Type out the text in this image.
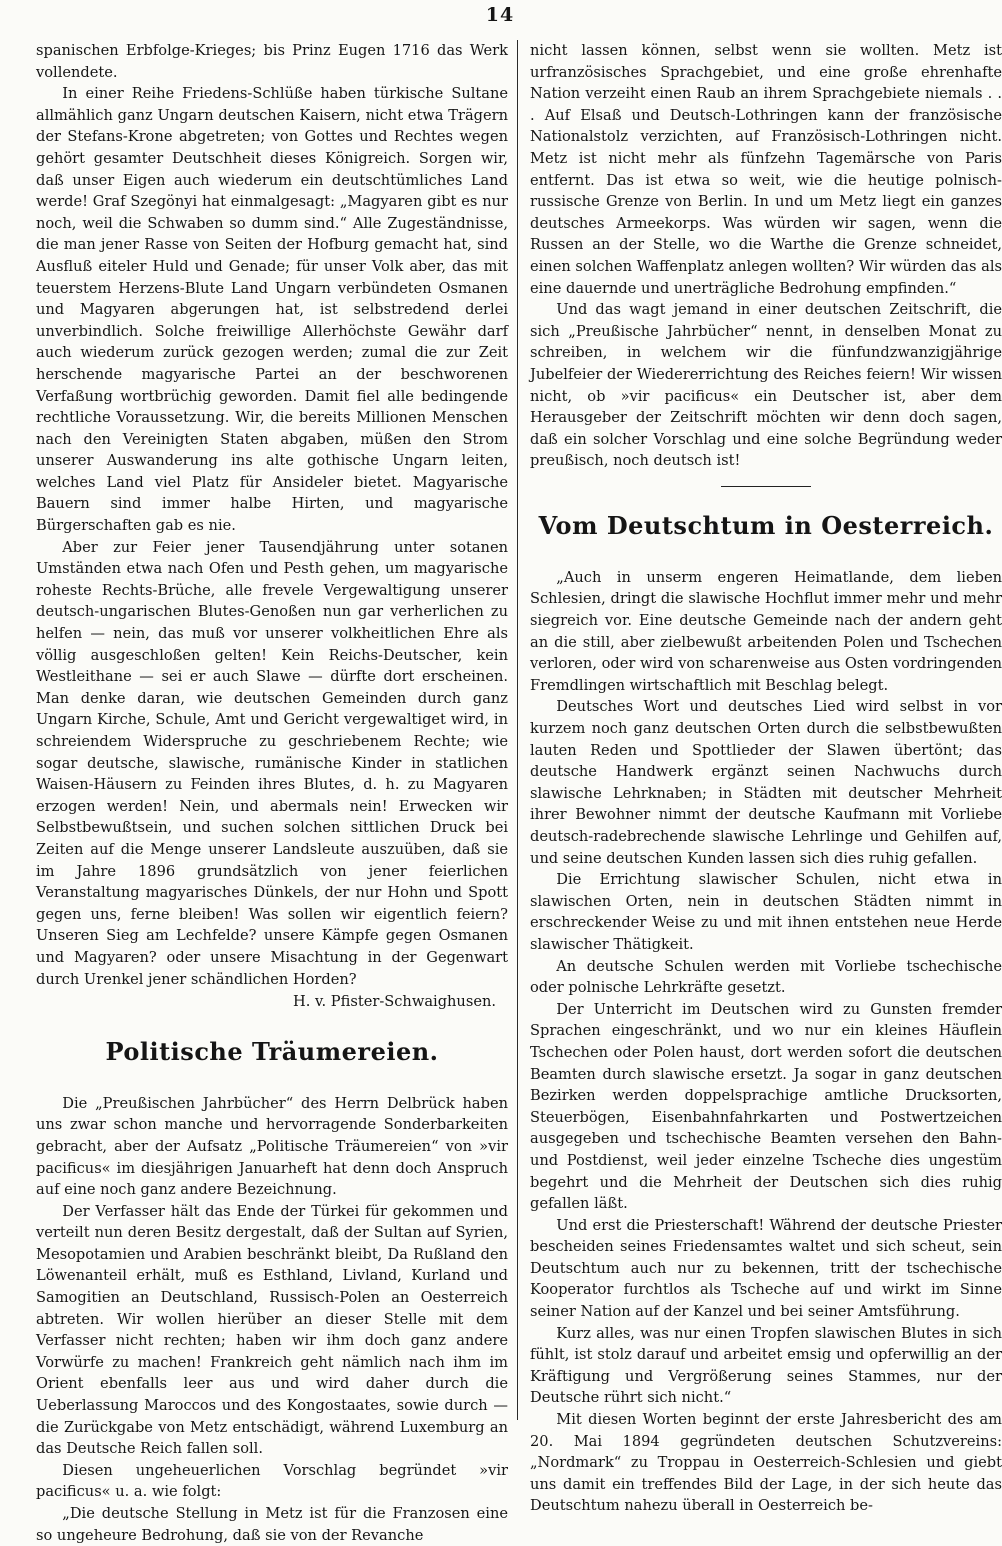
14

spanischen Erbfolge-Krieges; bis Prinz Eugen 1716 das Werk vollendete.

In einer Reihe Friedens-Schlüße haben türkische Sultane allmählich ganz Ungarn deutschen Kaisern, nicht etwa Trägern der Stefans-Krone abgetreten; von Gottes und Rechtes wegen gehört gesamter Deutschheit dieses Königreich. Sorgen wir, daß unser Eigen auch wiederum ein deutschtümliches Land werde! Graf Szegönyi hat einmalgesagt: „Magyaren gibt es nur noch, weil die Schwaben so dumm sind.“ Alle Zugeständnisse, die man jener Rasse von Seiten der Hofburg gemacht hat, sind Ausfluß eiteler Huld und Genade; für unser Volk aber, das mit teuerstem Herzens-Blute Land Ungarn verbündeten Osmanen und Magyaren abgerungen hat, ist selbstredend derlei unverbindlich. Solche freiwillige Allerhöchste Gewähr darf auch wiederum zurück gezogen werden; zumal die zur Zeit herschende magyarische Partei an der beschworenen Verfaßung wortbrüchig geworden. Damit fiel alle bedingende rechtliche Voraussetzung. Wir, die bereits Millionen Menschen nach den Vereinigten Staten abgaben, müßen den Strom unserer Auswanderung ins alte gothische Ungarn leiten, welches Land viel Platz für Ansideler bietet. Magyarische Bauern sind immer halbe Hirten, und magyarische Bürgerschaften gab es nie.

Aber zur Feier jener Tausendjährung unter sotanen Umständen etwa nach Ofen und Pesth gehen, um magyarische roheste Rechts-Brüche, alle frevele Vergewaltigung unserer deutsch-ungarischen Blutes-Genoßen nun gar verherlichen zu helfen — nein, das muß vor unserer volkheitlichen Ehre als völlig ausgeschloßen gelten! Kein Reichs-Deutscher, kein Westleithane — sei er auch Slawe — dürfte dort erscheinen. Man denke daran, wie deutschen Gemeinden durch ganz Ungarn Kirche, Schule, Amt und Gericht vergewaltiget wird, in schreiendem Widerspruche zu geschriebenem Rechte; wie sogar deutsche, slawische, rumänische Kinder in statlichen Waisen-Häusern zu Feinden ihres Blutes, d. h. zu Magyaren erzogen werden! Nein, und abermals nein! Erwecken wir Selbstbewußtsein, und suchen solchen sittlichen Druck bei Zeiten auf die Menge unserer Landsleute auszuüben, daß sie im Jahre 1896 grundsätzlich von jener feierlichen Veranstaltung magyarisches Dünkels, der nur Hohn und Spott gegen uns, ferne bleiben! Was sollen wir eigentlich feiern? Unseren Sieg am Lechfelde? unsere Kämpfe gegen Osmanen und Magyaren? oder unsere Misachtung in der Gegenwart durch Urenkel jener schändlichen Horden?

H. v. Pfister-Schwaighusen.
Politische Träumereien.

Die „Preußischen Jahrbücher“ des Herrn Delbrück haben uns zwar schon manche und hervorragende Sonderbarkeiten gebracht, aber der Aufsatz „Politische Träumereien“ von »vir pacificus« im diesjährigen Januarheft hat denn doch Anspruch auf eine noch ganz andere Bezeichnung.

Der Verfasser hält das Ende der Türkei für gekommen und verteilt nun deren Besitz dergestalt, daß der Sultan auf Syrien, Mesopotamien und Arabien beschränkt bleibt, Da Rußland den Löwenanteil erhält, muß es Esthland, Livland, Kurland und Samogitien an Deutschland, Russisch-Polen an Oesterreich abtreten. Wir wollen hierüber an dieser Stelle mit dem Verfasser nicht rechten; haben wir ihm doch ganz andere Vorwürfe zu machen! Frankreich geht nämlich nach ihm im Orient ebenfalls leer aus und wird daher durch die Ueberlassung Maroccos und des Kongostaates, sowie durch — die Zurückgabe von Metz entschädigt, während Luxemburg an das Deutsche Reich fallen soll.

Diesen ungeheuerlichen Vorschlag begründet »vir pacificus« u. a. wie folgt:

„Die deutsche Stellung in Metz ist für die Franzosen eine so ungeheure Bedrohung, daß sie von der Revanche

nicht lassen können, selbst wenn sie wollten. Metz ist urfranzösisches Sprachgebiet, und eine große ehrenhafte Nation verzeiht einen Raub an ihrem Sprachgebiete niemals . . . Auf Elsaß und Deutsch-Lothringen kann der französische Nationalstolz verzichten, auf Französisch-Lothringen nicht. Metz ist nicht mehr als fünfzehn Tagemärsche von Paris entfernt. Das ist etwa so weit, wie die heutige polnisch-russische Grenze von Berlin. In und um Metz liegt ein ganzes deutsches Armeekorps. Was würden wir sagen, wenn die Russen an der Stelle, wo die Warthe die Grenze schneidet, einen solchen Waffenplatz anlegen wollten? Wir würden das als eine dauernde und unerträgliche Bedrohung empfinden.“

Und das wagt jemand in einer deutschen Zeitschrift, die sich „Preußische Jahrbücher“ nennt, in denselben Monat zu schreiben, in welchem wir die fünfundzwanzigjährige Jubelfeier der Wiedererrichtung des Reiches feiern! Wir wissen nicht, ob »vir pacificus« ein Deutscher ist, aber dem Herausgeber der Zeitschrift möchten wir denn doch sagen, daß ein solcher Vorschlag und eine solche Begründung weder preußisch, noch deutsch ist!

Vom Deutschtum in Oesterreich.

„Auch in unserm engeren Heimatlande, dem lieben Schlesien, dringt die slawische Hochflut immer mehr und mehr siegreich vor. Eine deutsche Gemeinde nach der andern geht an die still, aber zielbewußt arbeitenden Polen und Tschechen verloren, oder wird von scharenweise aus Osten vordringenden Fremdlingen wirtschaftlich mit Beschlag belegt.

Deutsches Wort und deutsches Lied wird selbst in vor kurzem noch ganz deutschen Orten durch die selbstbewußten lauten Reden und Spottlieder der Slawen übertönt; das deutsche Handwerk ergänzt seinen Nachwuchs durch slawische Lehrknaben; in Städten mit deutscher Mehrheit ihrer Bewohner nimmt der deutsche Kaufmann mit Vorliebe deutsch-radebrechende slawische Lehrlinge und Gehilfen auf, und seine deutschen Kunden lassen sich dies ruhig gefallen.

Die Errichtung slawischer Schulen, nicht etwa in slawischen Orten, nein in deutschen Städten nimmt in erschreckender Weise zu und mit ihnen entstehen neue Herde slawischer Thätigkeit.

An deutsche Schulen werden mit Vorliebe tschechische oder polnische Lehrkräfte gesetzt.

Der Unterricht im Deutschen wird zu Gunsten fremder Sprachen eingeschränkt, und wo nur ein kleines Häuflein Tschechen oder Polen haust, dort werden sofort die deutschen Beamten durch slawische ersetzt. Ja sogar in ganz deutschen Bezirken werden doppelsprachige amtliche Drucksorten, Steuerbögen, Eisenbahnfahrkarten und Postwertzeichen ausgegeben und tschechische Beamten versehen den Bahn- und Postdienst, weil jeder einzelne Tscheche dies ungestüm begehrt und die Mehrheit der Deutschen sich dies ruhig gefallen läßt.

Und erst die Priesterschaft! Während der deutsche Priester bescheiden seines Friedensamtes waltet und sich scheut, sein Deutschtum auch nur zu bekennen, tritt der tschechische Kooperator furchtlos als Tscheche auf und wirkt im Sinne seiner Nation auf der Kanzel und bei seiner Amtsführung.

Kurz alles, was nur einen Tropfen slawischen Blutes in sich fühlt, ist stolz darauf und arbeitet emsig und opferwillig an der Kräftigung und Vergrößerung seines Stammes, nur der Deutsche rührt sich nicht.“

Mit diesen Worten beginnt der erste Jahresbericht des am 20. Mai 1894 gegründeten deutschen Schutzvereins: „Nordmark“ zu Troppau in Oesterreich-Schlesien und giebt uns damit ein treffendes Bild der Lage, in der sich heute das Deutschtum nahezu überall in Oesterreich be-
